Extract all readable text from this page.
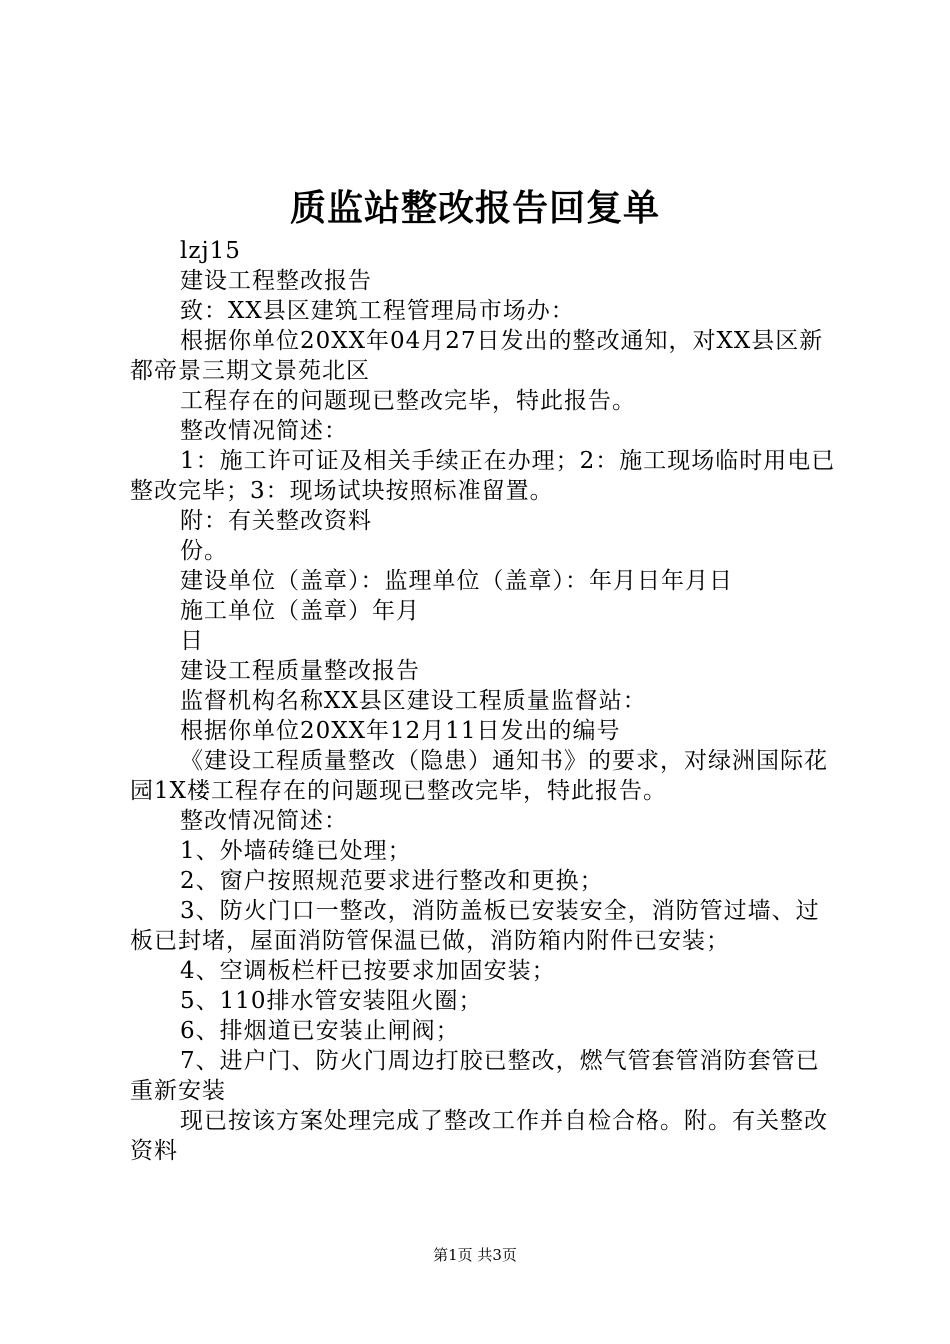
质监站整改报告回复单

lzj15

建设工程整改报告

致：XX县区建筑工程管理局市场办：

根据你单位20XX年04月27日发出的整改通知，对XX县区新都帝景三期文景苑北区

工程存在的问题现已整改完毕，特此报告。

整改情况简述：

1：施工许可证及相关手续正在办理；2：施工现场临时用电已整改完毕；3：现场试块按照标准留置。

附：有关整改资料

份。

建设单位（盖章）：监理单位（盖章）：年月日年月日

施工单位（盖章）年月

日

建设工程质量整改报告

监督机构名称XX县区建设工程质量监督站：

根据你单位20XX年12月11日发出的编号

《建设工程质量整改（隐患）通知书》的要求，对绿洲国际花园1X楼工程存在的问题现已整改完毕，特此报告。

整改情况简述：

1、外墙砖缝已处理；

2、窗户按照规范要求进行整改和更换；

3、防火门口一整改，消防盖板已安装安全，消防管过墙、过板已封堵，屋面消防管保温已做，消防箱内附件已安装；

4、空调板栏杆已按要求加固安装；

5、110排水管安装阻火圈；

6、排烟道已安装止闸阀；

7、进户门、防火门周边打胶已整改，燃气管套管消防套管已重新安装

现已按该方案处理完成了整改工作并自检合格。附。有关整改资料

第1页 共3页
